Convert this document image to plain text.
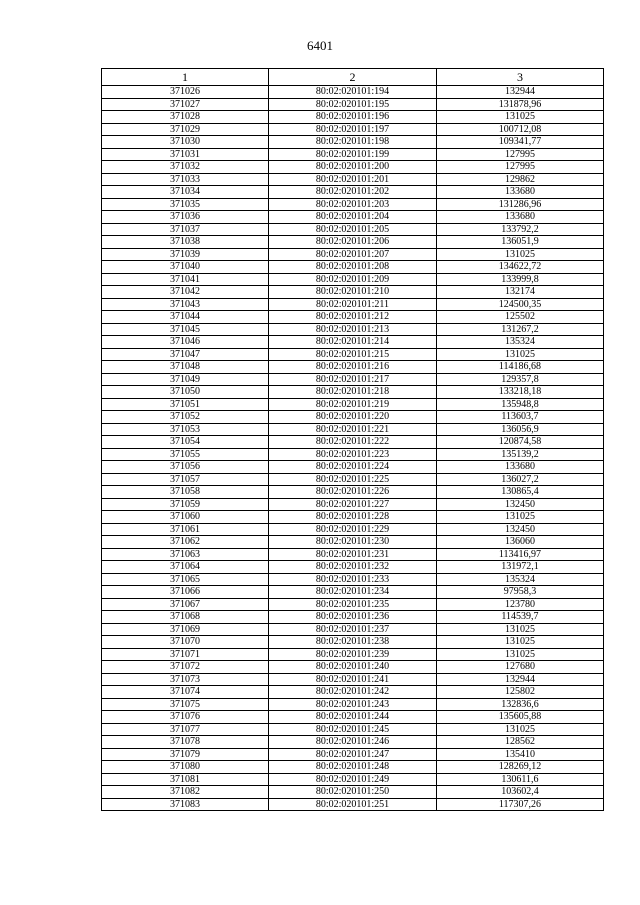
6401
1	2	3
371026	80:02:020101:194	132944
371027	80:02:020101:195	131878,96
371028	80:02:020101:196	131025
371029	80:02:020101:197	100712,08
371030	80:02:020101:198	109341,77
371031	80:02:020101:199	127995
371032	80:02:020101:200	127995
371033	80:02:020101:201	129862
371034	80:02:020101:202	133680
371035	80:02:020101:203	131286,96
371036	80:02:020101:204	133680
371037	80:02:020101:205	133792,2
371038	80:02:020101:206	136051,9
371039	80:02:020101:207	131025
371040	80:02:020101:208	134622,72
371041	80:02:020101:209	133999,8
371042	80:02:020101:210	132174
371043	80:02:020101:211	124500,35
371044	80:02:020101:212	125502
371045	80:02:020101:213	131267,2
371046	80:02:020101:214	135324
371047	80:02:020101:215	131025
371048	80:02:020101:216	114186,68
371049	80:02:020101:217	129357,8
371050	80:02:020101:218	133218,18
371051	80:02:020101:219	135948,8
371052	80:02:020101:220	113603,7
371053	80:02:020101:221	136056,9
371054	80:02:020101:222	120874,58
371055	80:02:020101:223	135139,2
371056	80:02:020101:224	133680
371057	80:02:020101:225	136027,2
371058	80:02:020101:226	130865,4
371059	80:02:020101:227	132450
371060	80:02:020101:228	131025
371061	80:02:020101:229	132450
371062	80:02:020101:230	136060
371063	80:02:020101:231	113416,97
371064	80:02:020101:232	131972,1
371065	80:02:020101:233	135324
371066	80:02:020101:234	97958,3
371067	80:02:020101:235	123780
371068	80:02:020101:236	114539,7
371069	80:02:020101:237	131025
371070	80:02:020101:238	131025
371071	80:02:020101:239	131025
371072	80:02:020101:240	127680
371073	80:02:020101:241	132944
371074	80:02:020101:242	125802
371075	80:02:020101:243	132836,6
371076	80:02:020101:244	135605,88
371077	80:02:020101:245	131025
371078	80:02:020101:246	128562
371079	80:02:020101:247	135410
371080	80:02:020101:248	128269,12
371081	80:02:020101:249	130611,6
371082	80:02:020101:250	103602,4
371083	80:02:020101:251	117307,26
